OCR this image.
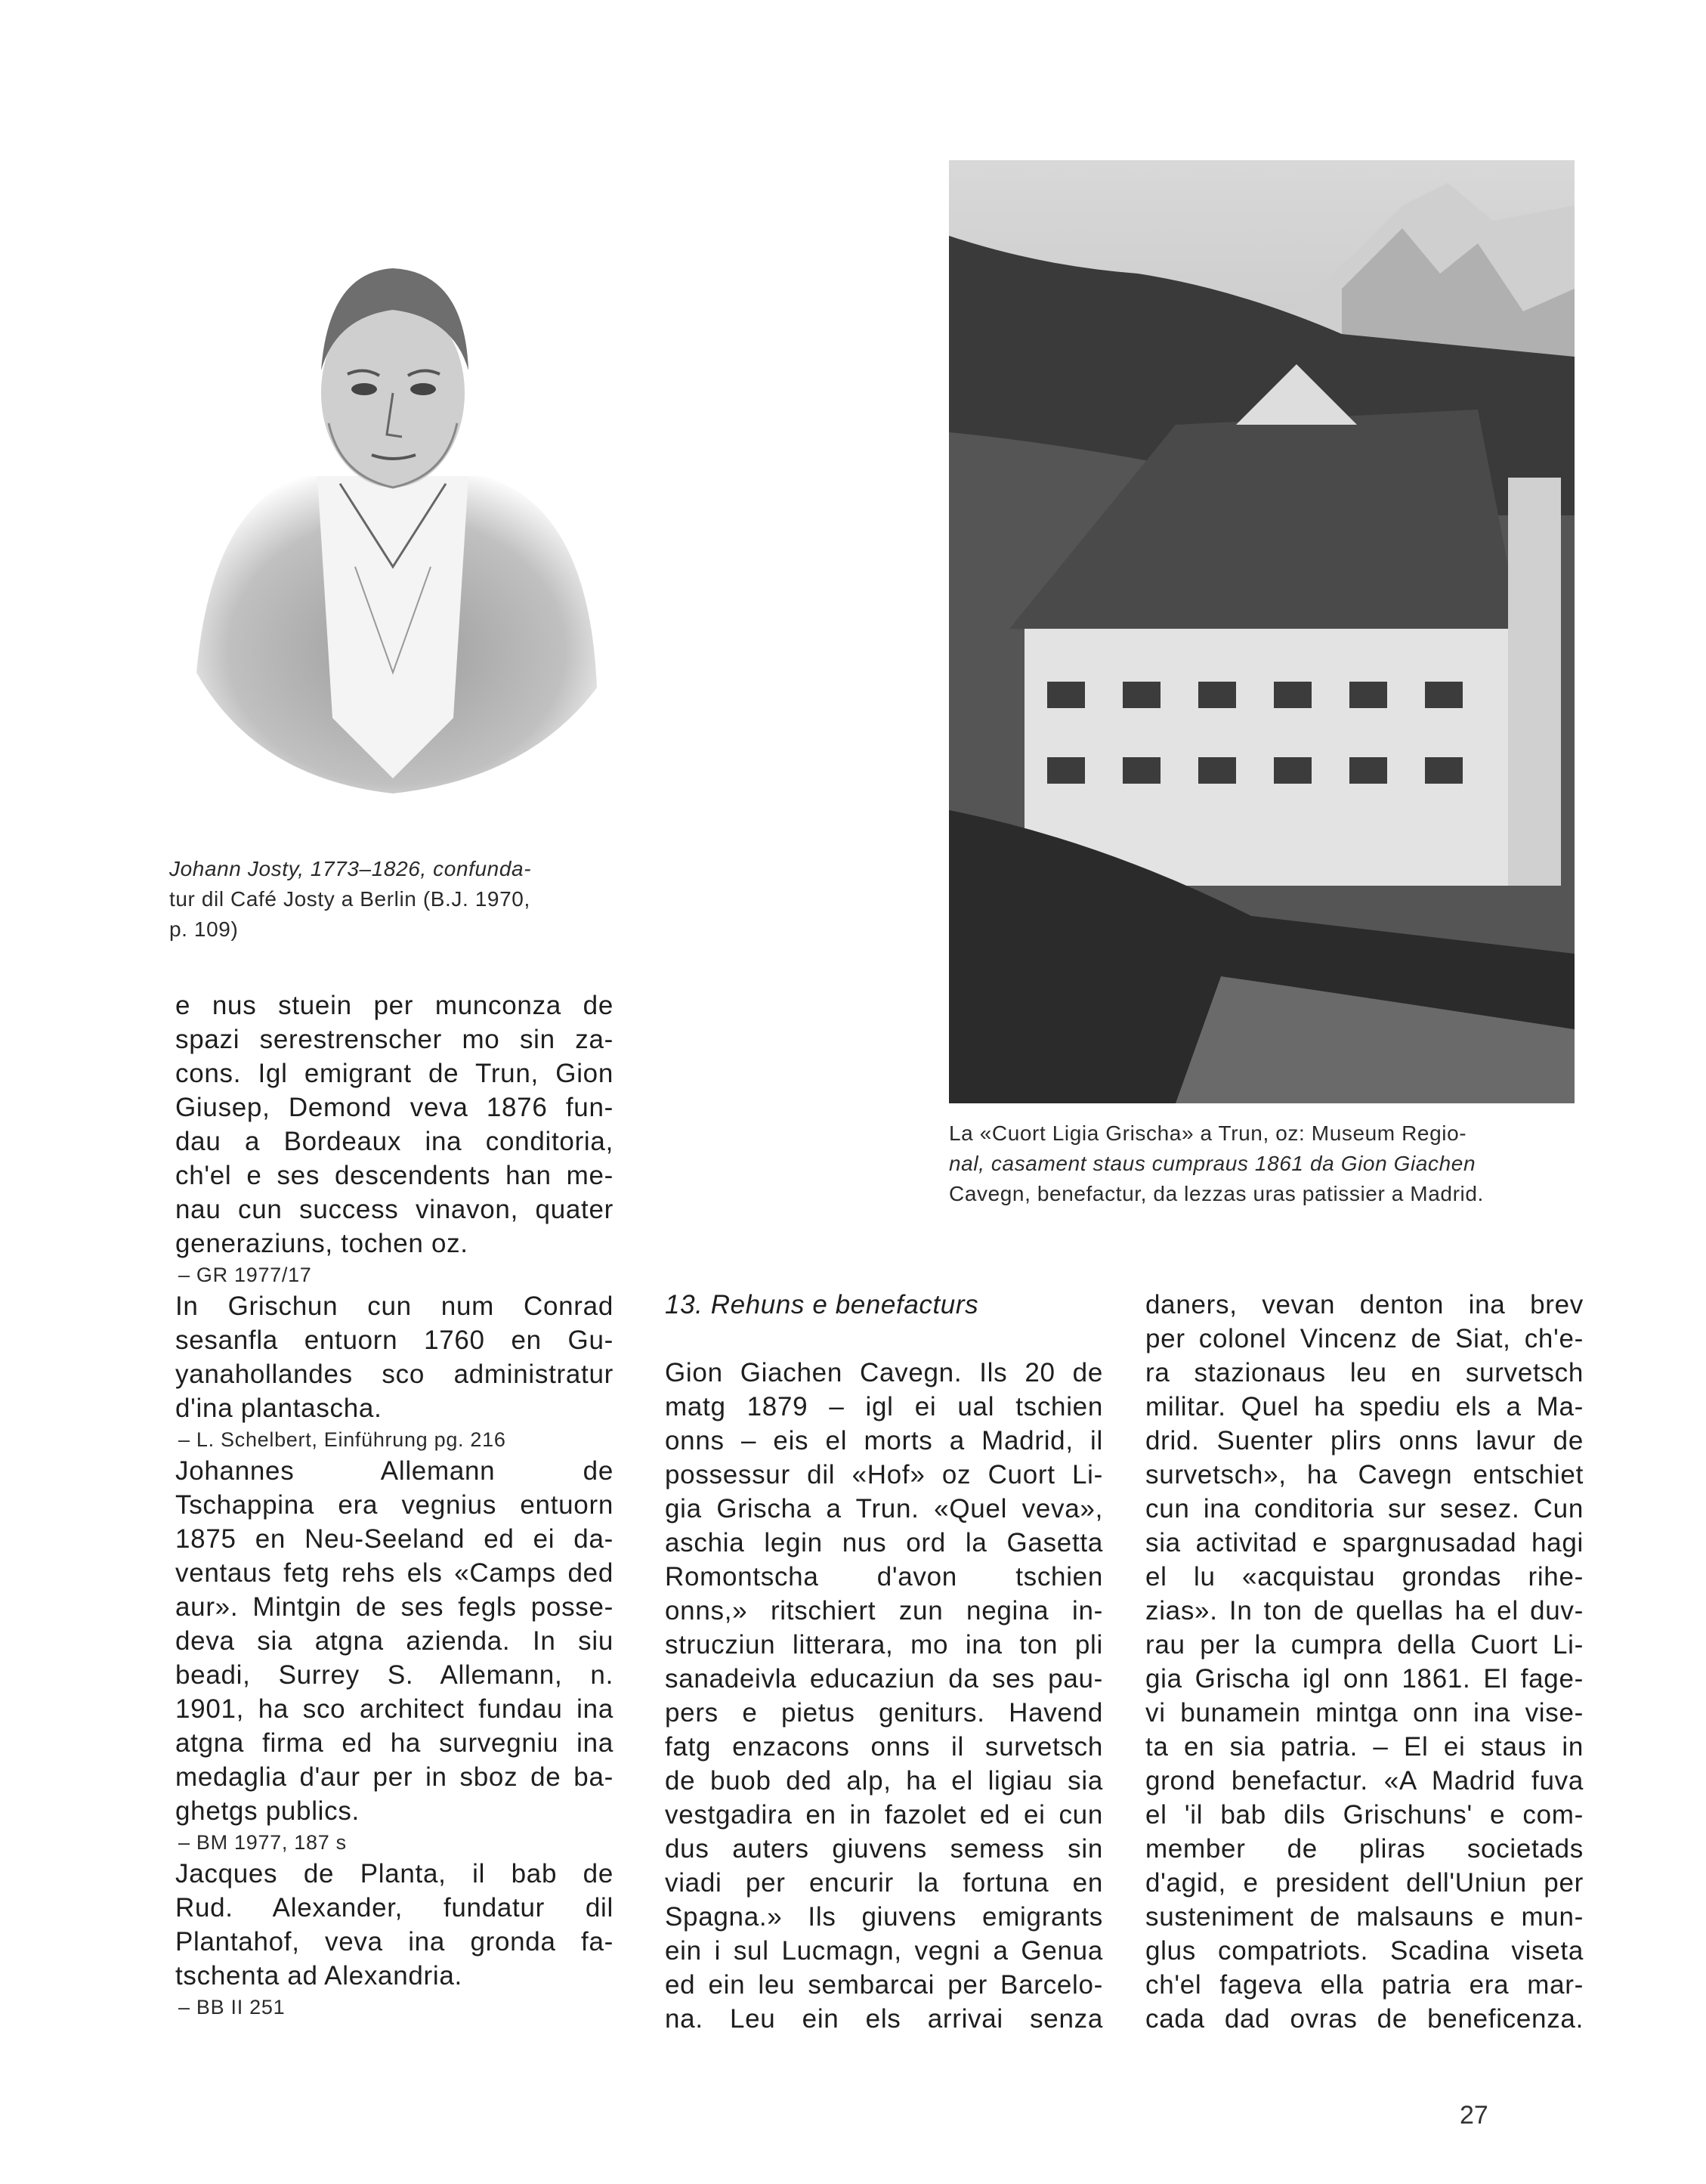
Johann Josty, 1773–1826, confunda-
tur dil Café Josty a Berlin (B.J. 1970,
p. 109)
La «Cuort Ligia Grischa» a Trun, oz: Museum Regio-
nal, casament staus cumpraus 1861 da Gion Giachen
Cavegn, benefactur, da lezzas uras patissier a Madrid.
e nus stuein per munconza de
spazi serestrenscher mo sin za-
cons. Igl emigrant de Trun, Gion
Giusep, Demond veva 1876 fun-
dau a Bordeaux ina conditoria,
ch'el e ses descendents han me-
nau cun success vinavon, quater
generaziuns, tochen oz.
– GR 1977/17
In Grischun cun num Conrad
sesanfla entuorn 1760 en Gu-
yanahollandes sco administratur
d'ina plantascha.
– L. Schelbert, Einführung pg. 216
Johannes Allemann de
Tschappina era vegnius entuorn
1875 en Neu-Seeland ed ei da-
ventaus fetg rehs els «Camps ded
aur». Mintgin de ses fegls posse-
deva sia atgna azienda. In siu
beadi, Surrey S. Allemann, n.
1901, ha sco architect fundau ina
atgna firma ed ha survegniu ina
medaglia d'aur per in sboz de ba-
ghetgs publics.
– BM 1977, 187 s
Jacques de Planta, il bab de
Rud. Alexander, fundatur dil
Plantahof, veva ina gronda fa-
tschenta ad Alexandria.
– BB II 251
13. Rehuns e benefacturs
Gion Giachen Cavegn. Ils 20 de
matg 1879 – igl ei ual tschien
onns – eis el morts a Madrid, il
possessur dil «Hof» oz Cuort Li-
gia Grischa a Trun. «Quel veva»,
aschia legin nus ord la Gasetta
Romontscha d'avon tschien
onns,» ritschiert zun negina in-
strucziun litterara, mo ina ton pli
sanadeivla educaziun da ses pau-
pers e pietus geniturs. Havend
fatg enzacons onns il survetsch
de buob ded alp, ha el ligiau sia
vestgadira en in fazolet ed ei cun
dus auters giuvens semess sin
viadi per encurir la fortuna en
Spagna.» Ils giuvens emigrants
ein i sul Lucmagn, vegni a Genua
ed ein leu sembarcai per Barcelo-
na. Leu ein els arrivai senza
daners, vevan denton ina brev
per colonel Vincenz de Siat, ch'e-
ra stazionaus leu en survetsch
militar. Quel ha spediu els a Ma-
drid. Suenter plirs onns lavur de
survetsch», ha Cavegn entschiet
cun ina conditoria sur sesez. Cun
sia activitad e spargnusadad hagi
el lu «acquistau grondas rihe-
zias». In ton de quellas ha el duv-
rau per la cumpra della Cuort Li-
gia Grischa igl onn 1861. El fage-
vi bunamein mintga onn ina vise-
ta en sia patria. – El ei staus in
grond benefactur. «A Madrid fuva
el 'il bab dils Grischuns' e com-
member de pliras societads
d'agid, e president dell'Uniun per
susteniment de malsauns e mun-
glus compatriots. Scadina viseta
ch'el fageva ella patria era mar-
cada dad ovras de beneficenza.
27
